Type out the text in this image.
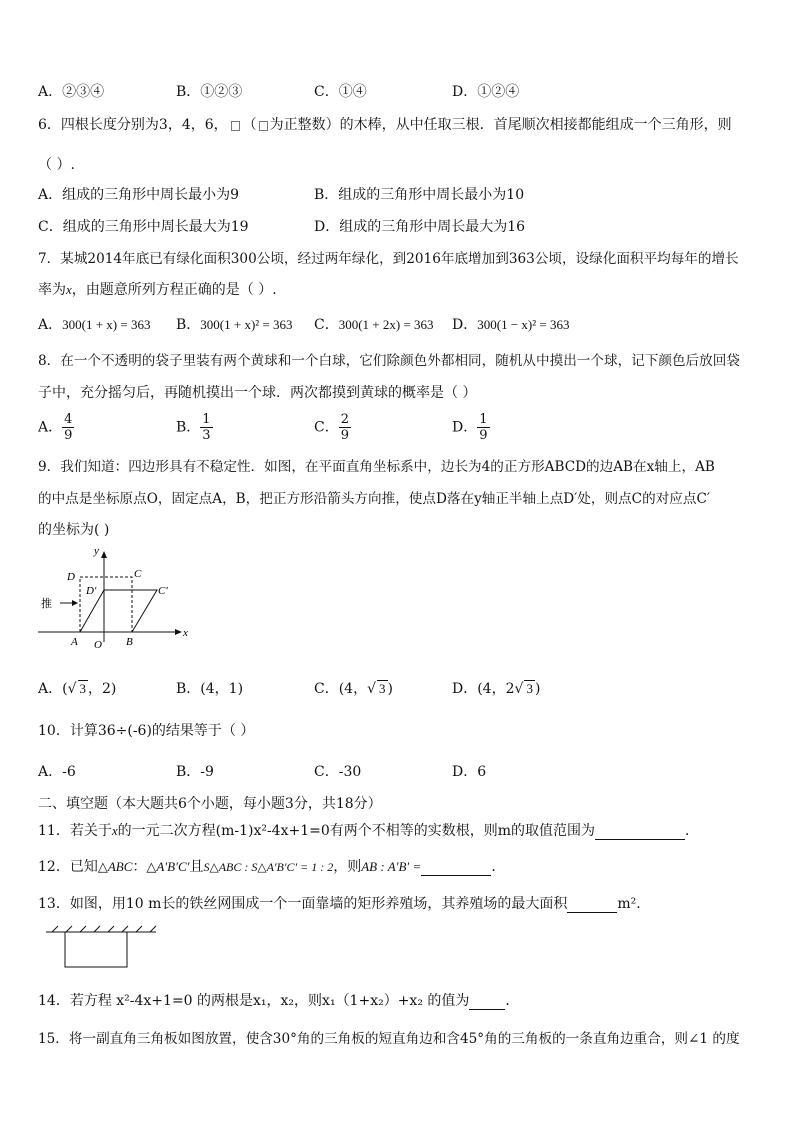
A．②③④	B．①②③	C．①④	D．①②④
6．四根长度分别为3，4，6， （ 为正整数）的木棒，从中任取三根．首尾顺次相接都能组成一个三角形，则
（ ）.
A．组成的三角形中周长最小为9	B．组成的三角形中周长最小为10
C．组成的三角形中周长最大为19	D．组成的三角形中周长最大为16
7．某城2014年底已有绿化面积300公顷，经过两年绿化，到2016年底增加到363公顷，设绿化面积平均每年的增长
率为x，由题意所列方程正确的是（ ）.
A．300(1 + x) = 363 B．300(1 + x)² = 363 C．300(1 + 2x) = 363 D．300(1 − x)² = 363
8．在一个不透明的袋子里装有两个黄球和一个白球，它们除颜色外都相同，随机从中摸出一个球，记下颜色后放回袋
子中，充分摇匀后，再随机摸出一个球．两次都摸到黄球的概率是（ ）
A． $\frac{4}{9}$	B． $\frac{1}{3}$	C． $\frac{2}{9}$	D． $\frac{1}{9}$
9．我们知道：四边形具有不稳定性．如图，在平面直角坐标系中，边长为4的正方形ABCD的边AB在x轴上，AB
的中点是坐标原点O，固定点A，B，把正方形沿箭头方向推，使点D落在y轴正半轴上点D′处，则点C的对应点C′
的坐标为( )
y
x
D	C
D′	C′
推
A O B
A．(√ 3 ，2)	B．(4，1)	C．(4，√ 3 )	D．(4，2√ 3 )
10．计算36÷(-6)的结果等于（ ）
A．-6	B．-9	C．-30	D．6
二、填空题（本大题共6个小题，每小题3分，共18分）
11．若关于x的一元二次方程(m-1)x²-4x+1=0有两个不相等的实数根，则m的取值范围为	．
12．已知△ABC：△A′B′C′且S△ABC : S△A′B′C′ = 1 : 2，则AB : A′B′ =	．
13．如图，用10 m长的铁丝网围成一个一面靠墙的矩形养殖场，其养殖场的最大面积	m²．
14．若方程 x²-4x+1=0 的两根是x₁，x₂，则x₁（1+x₂）+x₂ 的值为	．
15．将一副直角三角板如图放置，使含30°角的三角板的短直角边和含45°角的三角板的一条直角边重合，则∠1 的度
